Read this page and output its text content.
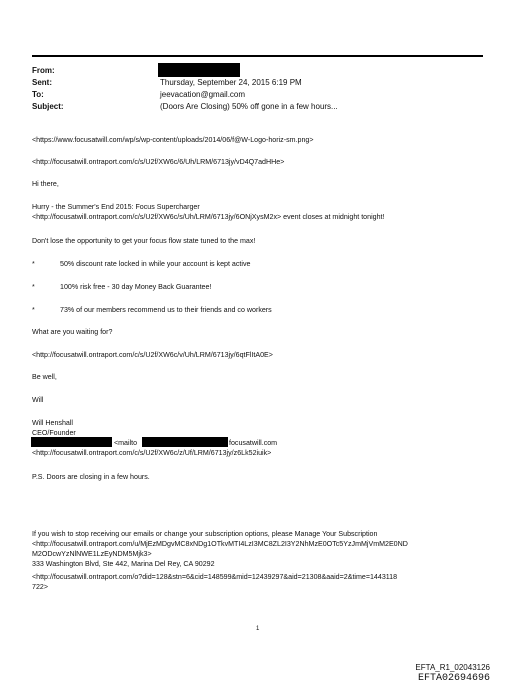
From:
Sent:	Thursday, September 24, 2015 6:19 PM
To:	jeevacation@gmail.com
Subject:	(Doors Are Closing) 50% off gone in a few hours...
<https://www.focusatwill.com/wp/s/wp-content/uploads/2014/06/f@W-Logo-horiz-sm.png>
<http://focusatwill.ontraport.com/c/s/U2f/XW6c/6/Uh/LRM/6713jy/vD4Q7adHHe>
Hi there,
Hurry - the Summer's End 2015: Focus Supercharger
<http://focusatwill.ontraport.com/c/s/U2f/XW6c/s/Uh/LRM/6713jy/6ONjXysM2x> event closes at midnight tonight!
Don't lose the opportunity to get your focus flow state tuned to the max!
*	50% discount rate locked in while your account is kept active
*	100% risk free - 30 day Money Back Guarantee!
*	73% of our members recommend us to their friends and co workers
What are you waiting for?
<http://focusatwill.ontraport.com/c/s/U2f/XW6c/v/Uh/LRM/6713jy/6qtFlItA0E>
Be well,
Will
Will Henshall
CEO/Founder
<mailto	focusatwill.com
<http://focusatwill.ontraport.com/c/s/U2f/XW6c/z/Uf/LRM/6713jy/z6Lk52iuik>
P.S. Doors are closing in a few hours.
If you wish to stop receiving our emails or change your subscription options, please Manage Your Subscription
<http://focusatwill.ontraport.com/u/MjEzMDgvMC8xNDg1OTkvMTI4LzI3MC8ZL2I3Y2NhMzE0OTc5YzJmMjVmM2E0ND
M2ODcwYzNlNWE1LzEyNDM5Mjk3>
333 Washington Blvd, Ste 442, Marina Del Rey, CA 90292
<http://focusatwill.ontraport.com/o?did=128&stn=6&cid=148599&mid=12439297&aid=21308&aaid=2&time=1443118
722>
1
EFTA_R1_02043126
EFTA02694696
